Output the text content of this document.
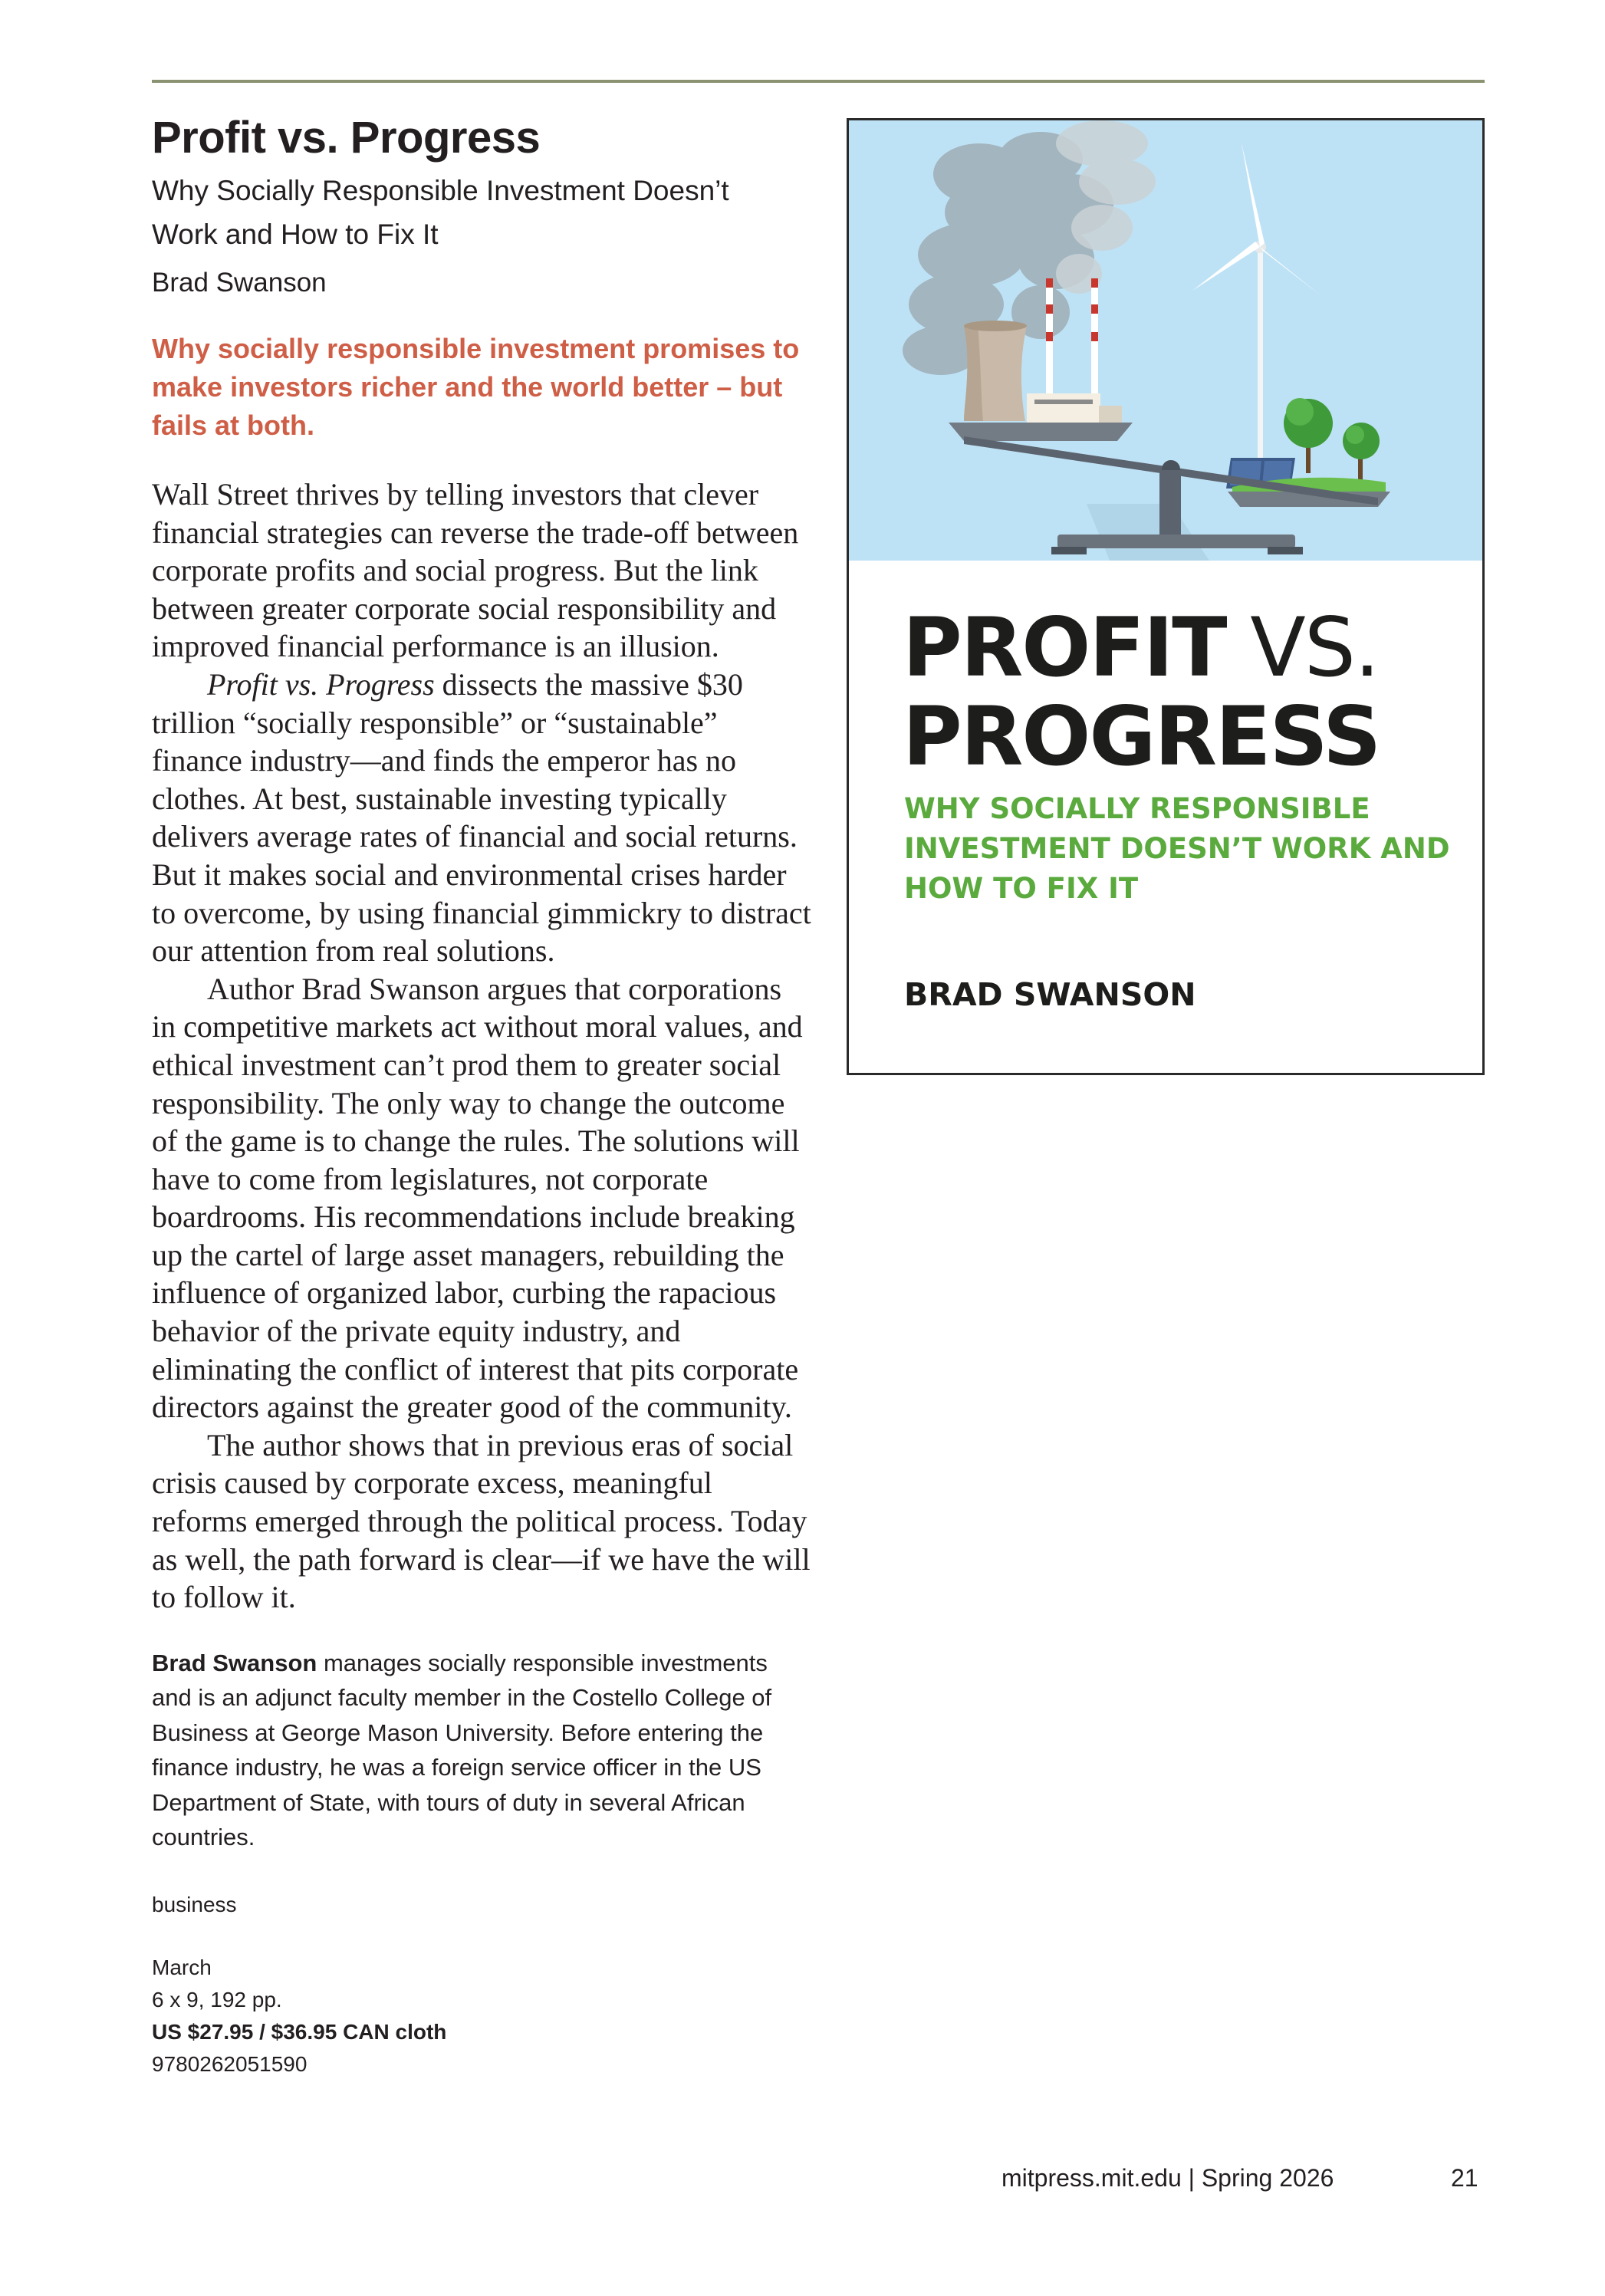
Profit vs. Progress

Why Socially Responsible Investment Doesn’t Work and How to Fix It

Brad Swanson

Why socially responsible investment promises to make investors richer and the world better – but fails at both.

Wall Street thrives by telling investors that clever financial strategies can reverse the trade-off between corporate profits and social progress. But the link between greater corporate social responsibility and improved financial performance is an illusion.

Profit vs. Progress dissects the massive $30 trillion “socially responsible” or “sustainable” finance industry—and finds the emperor has no clothes. At best, sustainable investing typically delivers average rates of financial and social returns. But it makes social and environmental crises harder to overcome, by using financial gimmickry to distract our attention from real solutions.

Author Brad Swanson argues that corporations in competitive markets act without moral values, and ethical investment can’t prod them to greater social responsibility. The only way to change the outcome of the game is to change the rules. The solutions will have to come from legislatures, not corporate boardrooms. His recommendations include breaking up the cartel of large asset managers, rebuilding the influence of organized labor, curbing the rapacious behavior of the private equity industry, and eliminating the conflict of interest that pits corporate directors against the greater good of the community.

The author shows that in previous eras of social crisis caused by corporate excess, meaningful reforms emerged through the political process. Today as well, the path forward is clear—if we have the will to follow it.

Brad Swanson manages socially responsible investments and is an adjunct faculty member in the Costello College of Business at George Mason University. Before entering the finance industry, he was a foreign service officer in the US Department of State, with tours of duty in several African countries.

business
March
6 x 9, 192 pp.
US $27.95 / $36.95 CAN cloth
9780262051590
PROFIT VS.
PROGRESS
WHY SOCIALLY RESPONSIBLE INVESTMENT DOESN’T WORK AND HOW TO FIX IT
BRAD SWANSON
mitpress.mit.edu | Spring 2026	21
